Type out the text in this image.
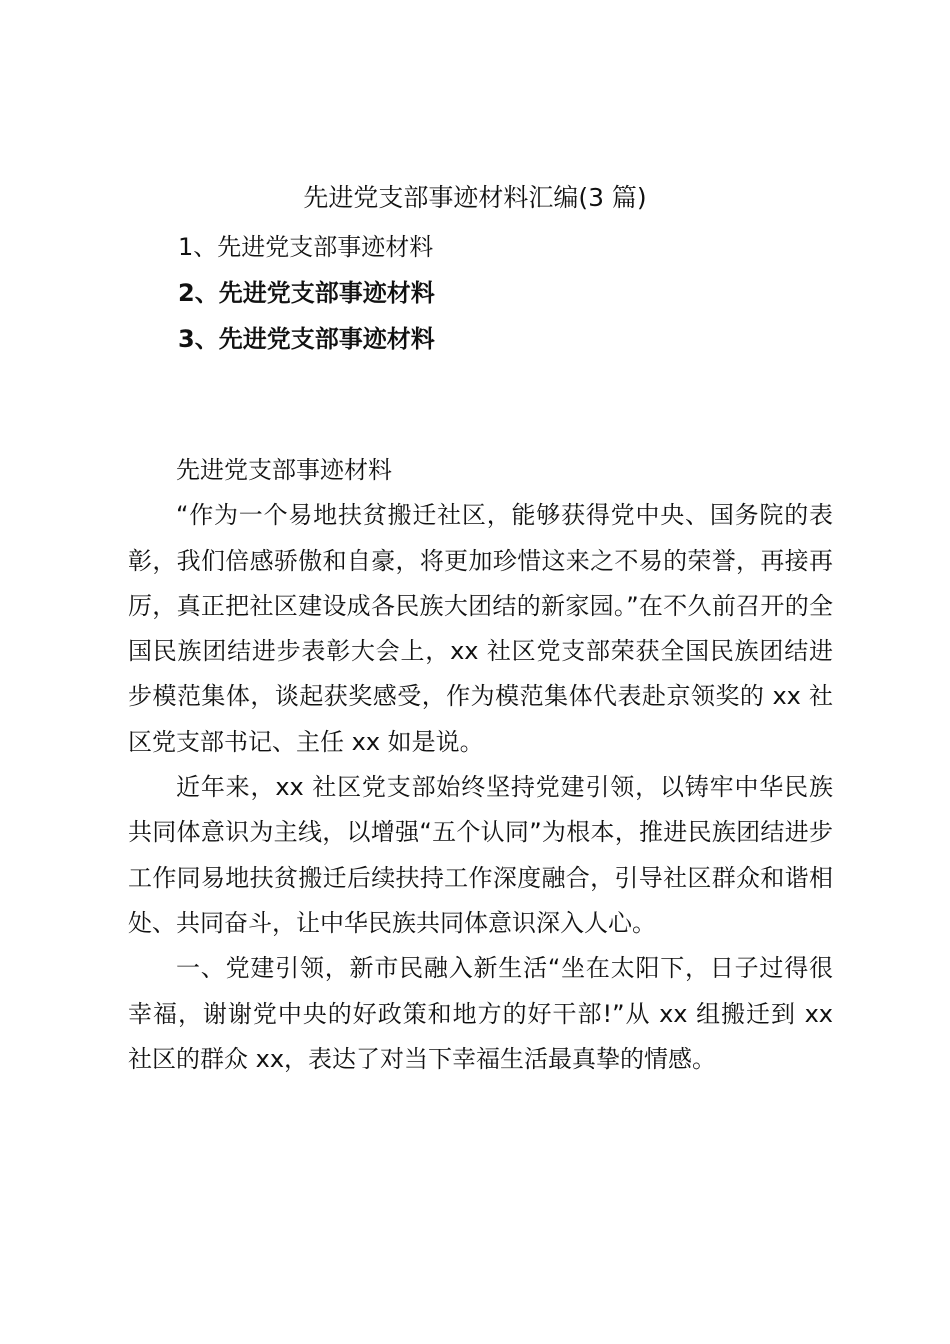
先进党支部事迹材料汇编(3 篇)
1、先进党支部事迹材料
2、先进党支部事迹材料
3、先进党支部事迹材料

先进党支部事迹材料

“作为一个易地扶贫搬迁社区，能够获得党中央、国务院的表彰，我们倍感骄傲和自豪，将更加珍惜这来之不易的荣誉，再接再厉，真正把社区建设成各民族大团结的新家园。”在不久前召开的全国民族团结进步表彰大会上，xx 社区党支部荣获全国民族团结进步模范集体，谈起获奖感受，作为模范集体代表赴京领奖的 xx 社区党支部书记、主任 xx 如是说。

近年来，xx 社区党支部始终坚持党建引领，以铸牢中华民族共同体意识为主线，以增强“五个认同”为根本，推进民族团结进步工作同易地扶贫搬迁后续扶持工作深度融合，引导社区群众和谐相处、共同奋斗，让中华民族共同体意识深入人心。

一、党建引领，新市民融入新生活“坐在太阳下，日子过得很幸福，谢谢党中央的好政策和地方的好干部!”从 xx 组搬迁到 xx 社区的群众 xx，表达了对当下幸福生活最真挚的情感。
